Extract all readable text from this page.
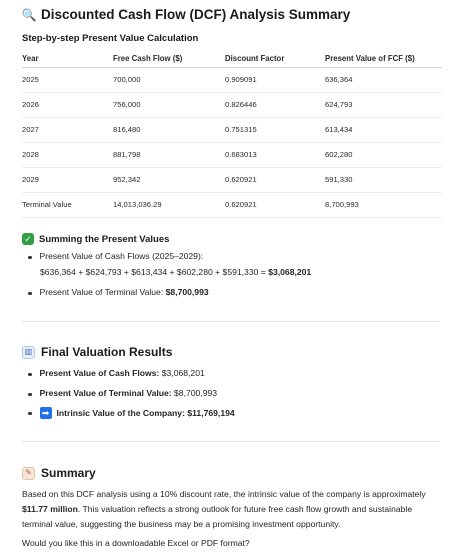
🔍 Discounted Cash Flow (DCF) Analysis Summary
Step-by-step Present Value Calculation
Year	Free Cash Flow ($)	Discount Factor	Present Value of FCF ($)
2025	700,000	0.909091	636,364
2026	756,000	0.826446	624,793
2027	816,480	0.751315	613,434
2028	881,798	0.683013	602,280
2029	952,342	0.620921	591,330
Terminal Value	14,013,036.29	0.620921	8,700,993
✓ Summing the Present Values
Present Value of Cash Flows (2025–2029):
$636,364 + $624,793 + $613,434 + $602,280 + $591,330 = $3,068,201
Present Value of Terminal Value: $8,700,993
▥ Final Valuation Results
Present Value of Cash Flows: $3,068,201
Present Value of Terminal Value: $8,700,993
➡ Intrinsic Value of the Company: $11,769,194
✎ Summary
Based on this DCF analysis using a 10% discount rate, the intrinsic value of the company is approximately $11.77 million. This valuation reflects a strong outlook for future free cash flow growth and sustainable terminal value, suggesting the business may be a promising investment opportunity.
Would you like this in a downloadable Excel or PDF format?
